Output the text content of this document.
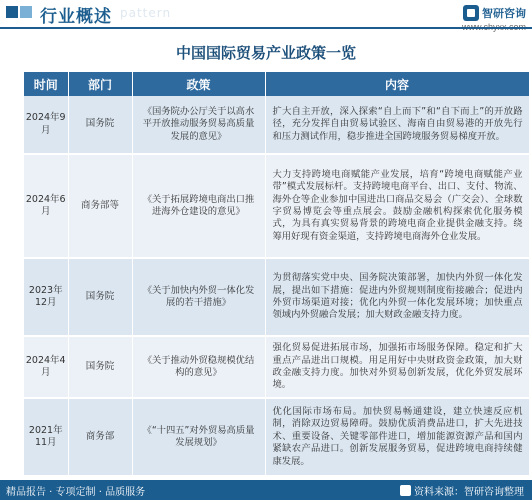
行业概述 pattern	智研咨询
中国国际贸易产业政策一览
时间	部门	政策	内容
2024年9月	国务院	《国务院办公厅关于以高水平开放推动服务贸易高质量发展的意见》	扩大自主开放，深入探索“自上而下”和“自下而上”的开放路径，充分发挥自由贸易试验区、海南自由贸易港的开放先行和压力测试作用，稳步推进全国跨境服务贸易梯度开放。
2024年6月	商务部等	《关于拓展跨境电商出口推进海外仓建设的意见》	大力支持跨境电商赋能产业发展，培育“跨境电商赋能产业带”模式发展标杆。支持跨境电商平台、出口、支付、物流、海外仓等企业参加中国进出口商品交易会（广交会）、全球数字贸易博览会等重点展会。鼓励金融机构探索优化服务模式，为具有真实贸易背景的跨境电商企业提供金融支持。绕筹用好现有资金渠道，支持跨境电商海外仓业发展。
2023年12月	国务院	《关于加快内外贸一体化发展的若干措施》	为贯彻落实党中央、国务院决策部署，加快内外贸一体化发展，提出如下措施：促进内外贸规则制度衔接融合；促进内外贸市场渠道对接；优化内外贸一体化发展环境；加快重点领域内外贸融合发展；加大财政金融支持力度。
2024年4月	国务院	《关于推动外贸稳规模优结构的意见》	强化贸易促进拓展市场，加强拓市场服务保障。稳定和扩大重点产品进出口规模。用足用好中央财政资金政策，加大财政金融支持力度。加快对外贸易创新发展，优化外贸发展环境。
2021年11月	商务部	《“十四五”对外贸易高质量发展规划》	优化国际市场布局。加快贸易畅通建设，建立快速反应机制，消除双边贸易障碍。鼓励优质消费品进口，扩大先进技术、重要设备、关键零部件进口，增加能源资源产品和国内紧缺农产品进口。创新发展服务贸易，促进跨境电商持续健康发展。
精品报告 · 专项定制 · 品质服务	资料来源：智研咨询整理
